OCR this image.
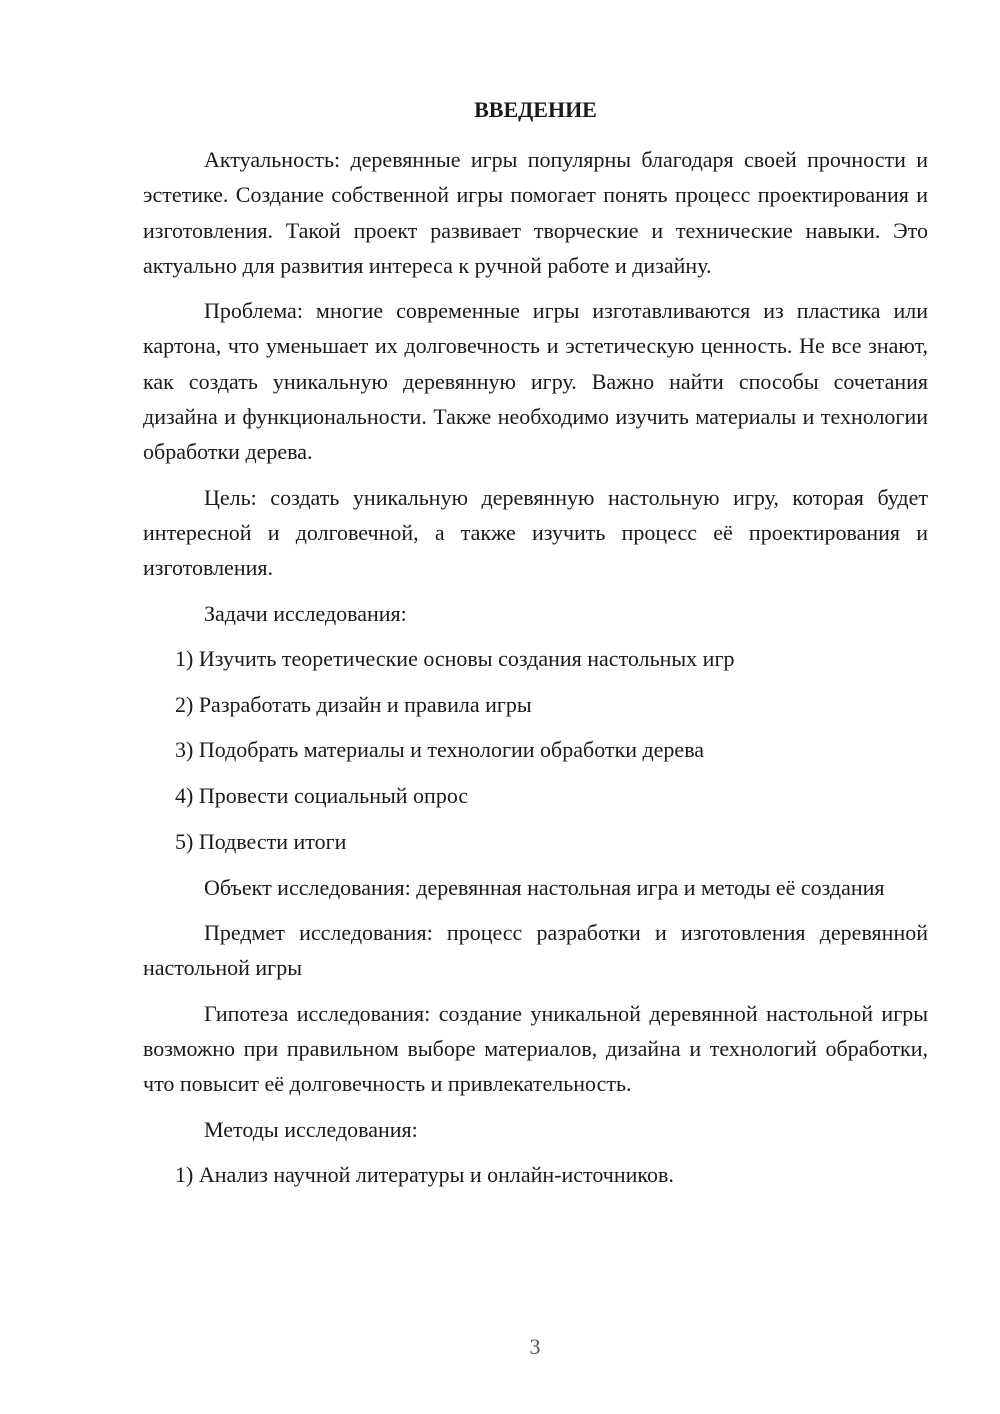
ВВЕДЕНИЕ

Актуальность: деревянные игры популярны благодаря своей прочности и эстетике. Создание собственной игры помогает понять процесс проектирования и изготовления. Такой проект развивает творческие и технические навыки. Это актуально для развития интереса к ручной работе и дизайну.

Проблема: многие современные игры изготавливаются из пластика или картона, что уменьшает их долговечность и эстетическую ценность. Не все знают, как создать уникальную деревянную игру. Важно найти способы сочетания дизайна и функциональности. Также необходимо изучить материалы и технологии обработки дерева.

Цель: создать уникальную деревянную настольную игру, которая будет интересной и долговечной, а также изучить процесс её проектирования и изготовления.

Задачи исследования:

1) Изучить теоретические основы создания настольных игр
2) Разработать дизайн и правила игры
3) Подобрать материалы и технологии обработки дерева
4) Провести социальный опрос
5) Подвести итоги

Объект исследования: деревянная настольная игра и методы её создания

Предмет исследования: процесс разработки и изготовления деревянной настольной игры

Гипотеза исследования: создание уникальной деревянной настольной игры возможно при правильном выборе материалов, дизайна и технологий обработки, что повысит её долговечность и привлекательность.

Методы исследования:

1) Анализ научной литературы и онлайн-источников.
3
